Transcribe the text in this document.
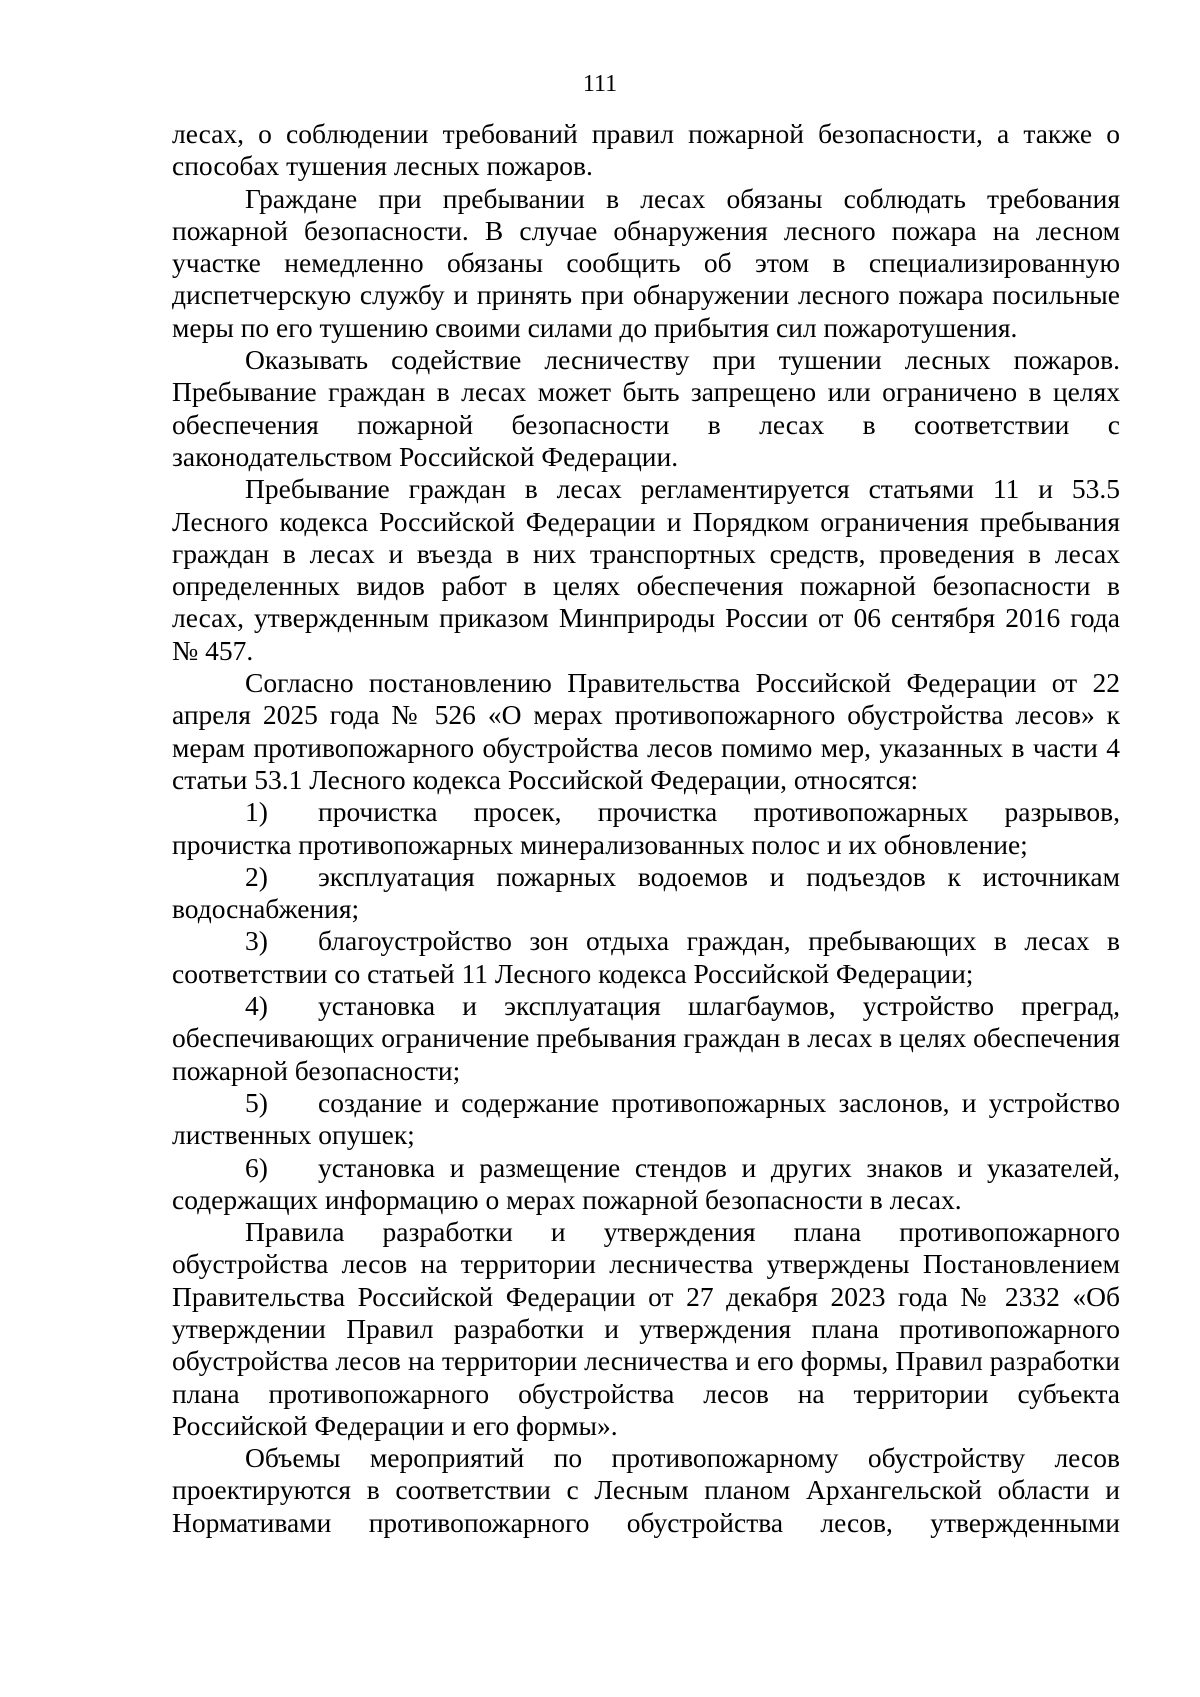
111

лесах, о соблюдении требований правил пожарной безопасности, а также о способах тушения лесных пожаров.

Граждане при пребывании в лесах обязаны соблюдать требования пожарной безопасности. В случае обнаружения лесного пожара на лесном участке немедленно обязаны сообщить об этом в специализированную диспетчерскую службу и принять при обнаружении лесного пожара посильные меры по его тушению своими силами до прибытия сил пожаротушения.

Оказывать содействие лесничеству при тушении лесных пожаров. Пребывание граждан в лесах может быть запрещено или ограничено в целях обеспечения пожарной безопасности в лесах в соответствии с законодательством Российской Федерации.

Пребывание граждан в лесах регламентируется статьями 11 и 53.5 Лесного кодекса Российской Федерации и Порядком ограничения пребывания граждан в лесах и въезда в них транспортных средств, проведения в лесах определенных видов работ в целях обеспечения пожарной безопасности в лесах, утвержденным приказом Минприроды России от 06 сентября 2016 года № 457.

Согласно постановлению Правительства Российской Федерации от 22 апреля 2025 года № 526 «О мерах противопожарного обустройства лесов» к мерам противопожарного обустройства лесов помимо мер, указанных в части 4 статьи 53.1 Лесного кодекса Российской Федерации, относятся:

1) прочистка просек, прочистка противопожарных разрывов, прочистка противопожарных минерализованных полос и их обновление;

2) эксплуатация пожарных водоемов и подъездов к источникам водоснабжения;

3) благоустройство зон отдыха граждан, пребывающих в лесах в соответствии со статьей 11 Лесного кодекса Российской Федерации;

4) установка и эксплуатация шлагбаумов, устройство преград, обеспечивающих ограничение пребывания граждан в лесах в целях обеспечения пожарной безопасности;

5) создание и содержание противопожарных заслонов, и устройство лиственных опушек;

6) установка и размещение стендов и других знаков и указателей, содержащих информацию о мерах пожарной безопасности в лесах.

Правила разработки и утверждения плана противопожарного обустройства лесов на территории лесничества утверждены Постановлением Правительства Российской Федерации от 27 декабря 2023 года № 2332 «Об утверждении Правил разработки и утверждения плана противопожарного обустройства лесов на территории лесничества и его формы, Правил разработки плана противопожарного обустройства лесов на территории субъекта Российской Федерации и его формы».

Объемы мероприятий по противопожарному обустройству лесов проектируются в соответствии с Лесным планом Архангельской области и Нормативами противопожарного обустройства лесов, утвержденными
